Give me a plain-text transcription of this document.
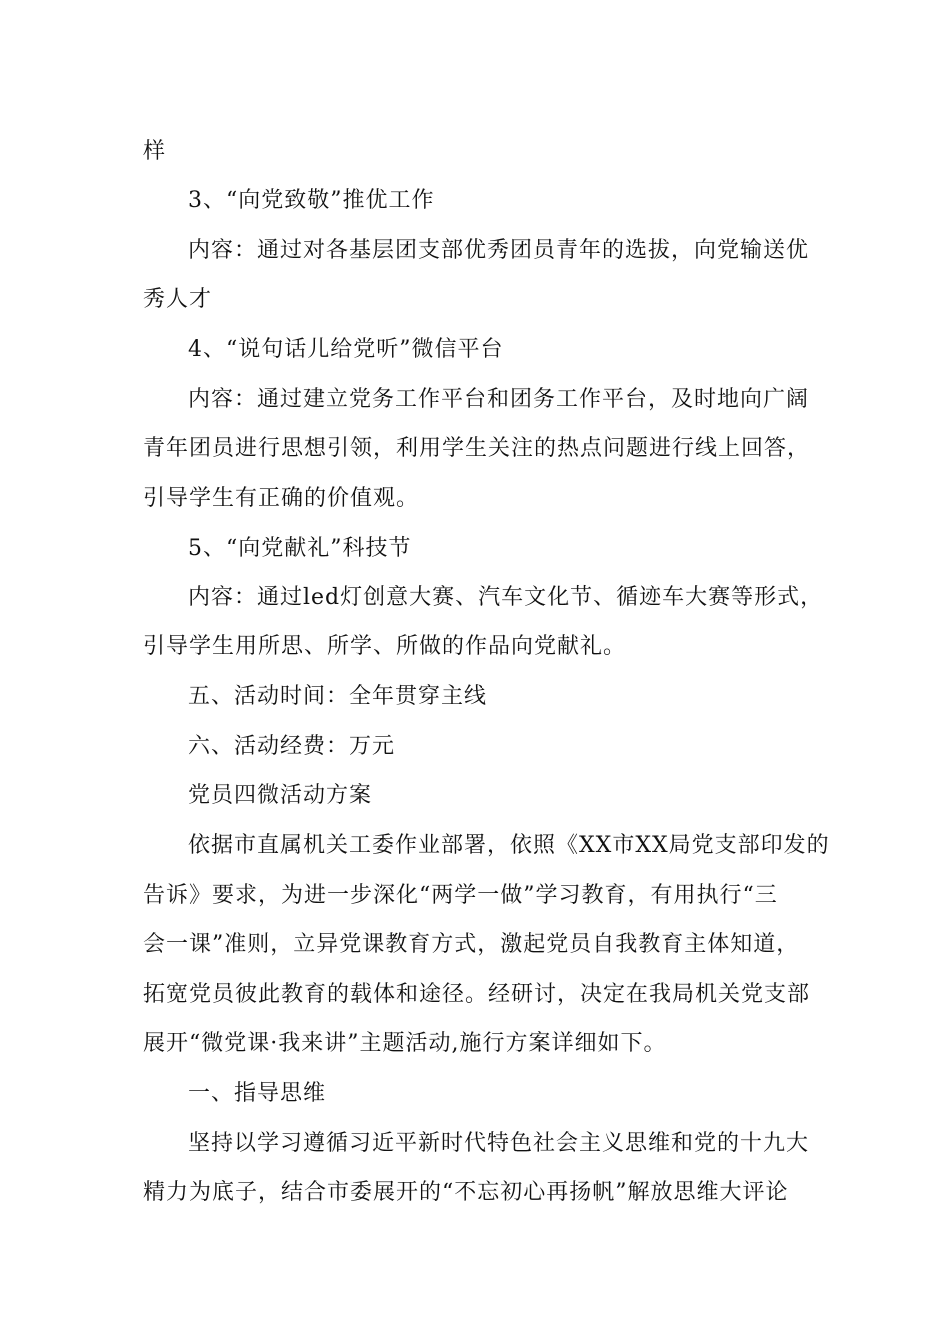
样
3、“向党致敬”推优工作
内容：通过对各基层团支部优秀团员青年的选拔，向党输送优
秀人才
4、“说句话儿给党听”微信平台
内容：通过建立党务工作平台和团务工作平台，及时地向广阔
青年团员进行思想引领，利用学生关注的热点问题进行线上回答，
引导学生有正确的价值观。
5、“向党献礼”科技节
内容：通过led灯创意大赛、汽车文化节、循迹车大赛等形式，
引导学生用所思、所学、所做的作品向党献礼。
五、活动时间：全年贯穿主线
六、活动经费：万元
党员四微活动方案
依据市直属机关工委作业部署，依照《XX市XX局党支部印发的
告诉》要求，为进一步深化“两学一做”学习教育，有用执行“三
会一课”准则，立异党课教育方式，激起党员自我教育主体知道，
拓宽党员彼此教育的载体和途径。经研讨，决定在我局机关党支部
展开“微党课·我来讲”主题活动,施行方案详细如下。
一、指导思维
坚持以学习遵循习近平新时代特色社会主义思维和党的十九大
精力为底子，结合市委展开的“不忘初心再扬帆”解放思维大评论
